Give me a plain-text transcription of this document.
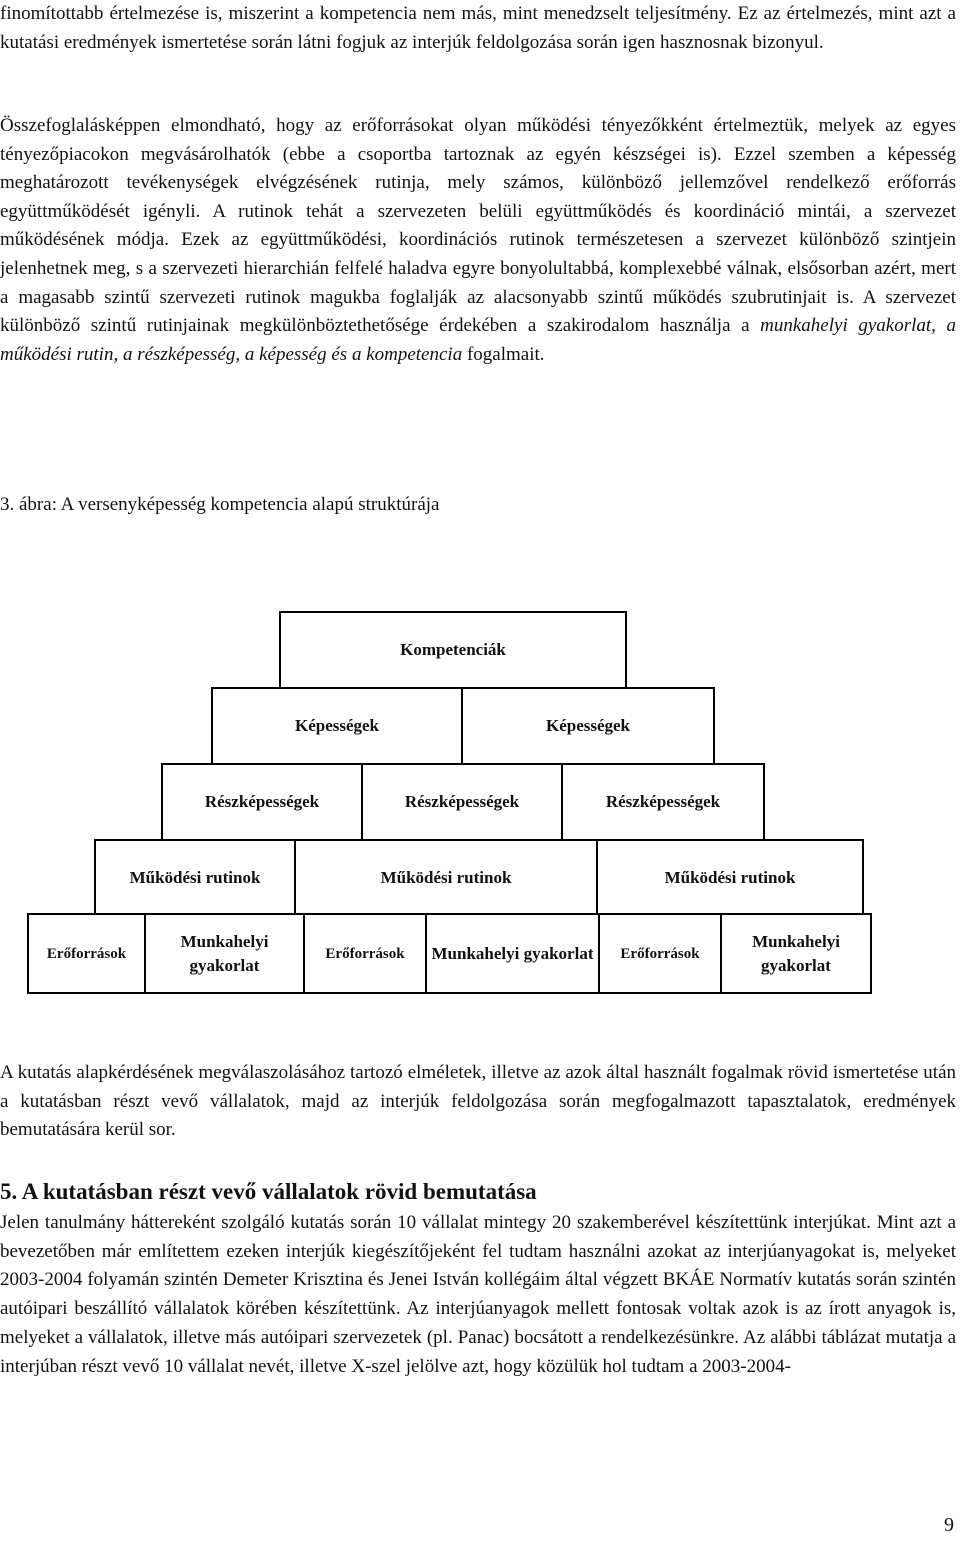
finomítottabb értelmezése is, miszerint a kompetencia nem más, mint menedzselt teljesítmény. Ez az értelmezés, mint azt a kutatási eredmények ismertetése során látni fogjuk az interjúk feldolgozása során igen hasznosnak bizonyul.

Összefoglalásképpen elmondható, hogy az erőforrásokat olyan működési tényezőkként értelmeztük, melyek az egyes tényezőpiacokon megvásárolhatók (ebbe a csoportba tartoznak az egyén készségei is). Ezzel szemben a képesség meghatározott tevékenységek elvégzésének rutinja, mely számos, különböző jellemzővel rendelkező erőforrás együttműködését igényli. A rutinok tehát a szervezeten belüli együttműködés és koordináció mintái, a szervezet működésének módja. Ezek az együttműködési, koordinációs rutinok természetesen a szervezet különböző szintjein jelenhetnek meg, s a szervezeti hierarchián felfelé haladva egyre bonyolultabbá, komplexebbé válnak, elsősorban azért, mert a magasabb szintű szervezeti rutinok magukba foglalják az alacsonyabb szintű működés szubrutinjait is. A szervezet különböző szintű rutinjainak megkülönböztethetősége érdekében a szakirodalom használja a munkahelyi gyakorlat, a működési rutin, a részképesség, a képesség és a kompetencia fogalmait.

3. ábra: A versenyképesség kompetencia alapú struktúrája

Kompetenciák
Képességek	Képességek
Részképességek	Részképességek	Részképességek
Működési rutinok	Működési rutinok	Működési rutinok
Erőforrások
Munkahelyi gyakorlat
Erőforrások	Munkahelyi gyakorlat	Erőforrások
Munkahelyi gyakorlat

A kutatás alapkérdésének megválaszolásához tartozó elméletek, illetve az azok által használt fogalmak rövid ismertetése után a kutatásban részt vevő vállalatok, majd az interjúk feldolgozása során megfogalmazott tapasztalatok, eredmények bemutatására kerül sor.

5. A kutatásban részt vevő vállalatok rövid bemutatása

Jelen tanulmány háttereként szolgáló kutatás során 10 vállalat mintegy 20 szakemberével készítettünk interjúkat. Mint azt a bevezetőben már említettem ezeken interjúk kiegészítőjeként fel tudtam használni azokat az interjúanyagokat is, melyeket 2003-2004 folyamán szintén Demeter Krisztina és Jenei István kollégáim által végzett BKÁE Normatív kutatás során szintén autóipari beszállító vállalatok körében készítettünk. Az interjúanyagok mellett fontosak voltak azok is az írott anyagok is, melyeket a vállalatok, illetve más autóipari szervezetek (pl. Panac) bocsátott a rendelkezésünkre. Az alábbi táblázat mutatja a interjúban részt vevő 10 vállalat nevét, illetve X-szel jelölve azt, hogy közülük hol tudtam a 2003-2004-

9
